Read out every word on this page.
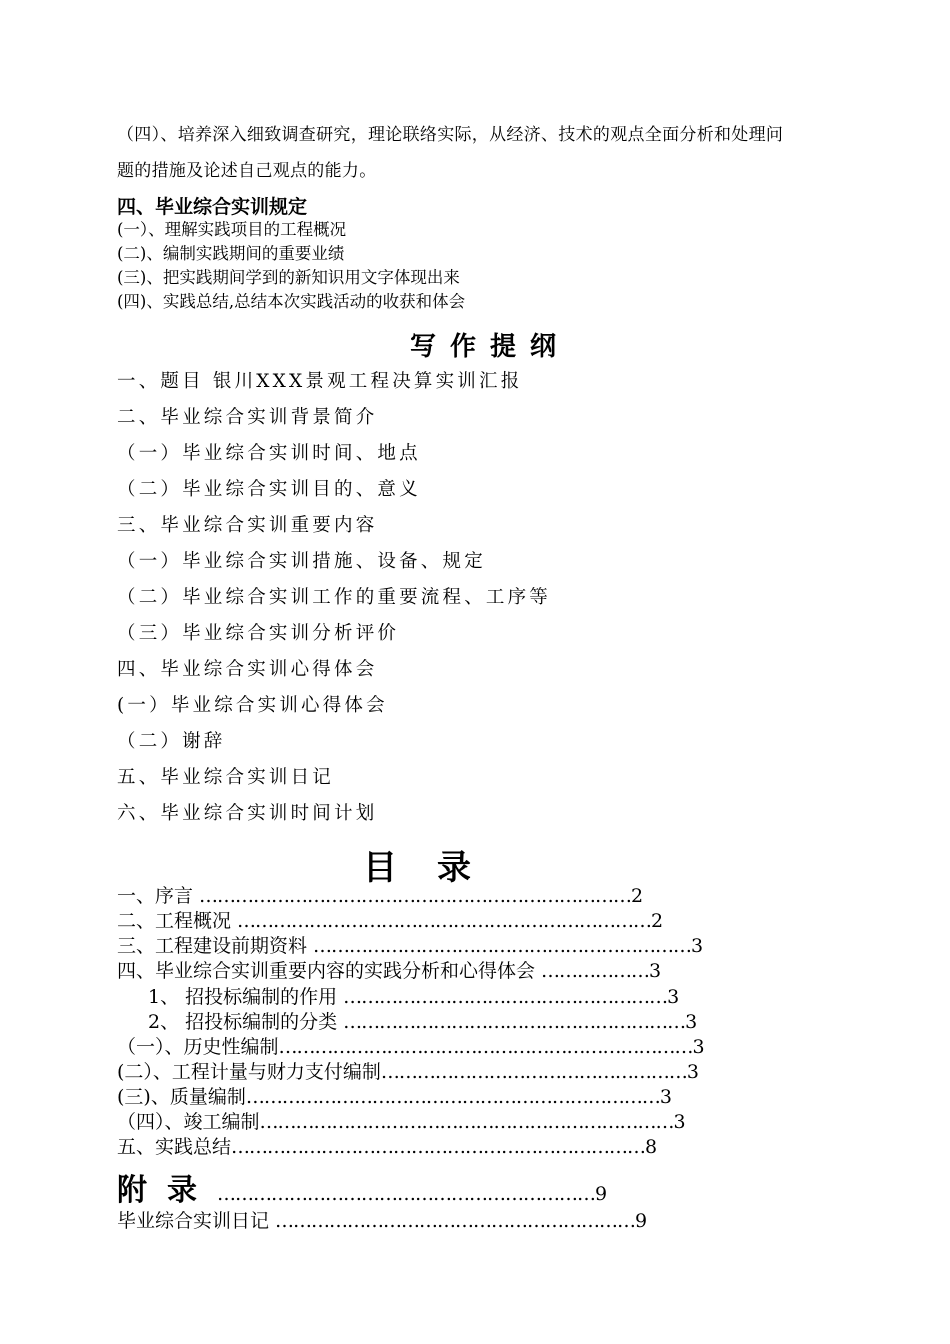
（四）、培养深入细致调查研究，理论联络实际，从经济、技术的观点全面分析和处理问
题的措施及论述自己观点的能力。
四、毕业综合实训规定
(一）、理解实践项目的工程概况
(二)、编制实践期间的重要业绩
(三)、把实践期间学到的新知识用文字体现出来
(四)、实践总结,总结本次实践活动的收获和体会
写作提纲
一、题目 银川XXX景观工程决算实训汇报
二、毕业综合实训背景简介
（一）毕业综合实训时间、地点
（二）毕业综合实训目的、意义
三、毕业综合实训重要内容
（一）毕业综合实训措施、设备、规定
（二）毕业综合实训工作的重要流程、工序等
（三）毕业综合实训分析评价
四、毕业综合实训心得体会
(一）毕业综合实训心得体会
（二）谢辞
五、毕业综合实训日记
六、毕业综合实训时间计划
目录
一、序言 ………………………………………………………………2
二、工程概况 ……………………………………………………………2
三、工程建设前期资料 ………………………………………………………3
四、毕业综合实训重要内容的实践分析和心得体会 ………………3
1、 招投标编制的作用 ………………………………………………3
2、 招投标编制的分类 …………………………………………………3
（一）、历史性编制……………………………………………………………3
(二）、工程计量与财力支付编制……………………………………………3
(三)、质量编制……………………………………………………………3
（四）、竣工编制……………………………………………………………3
五、实践总结……………………………………………………………8
附录………………………………………………………9
毕业综合实训日记 ……………………………………………………9
